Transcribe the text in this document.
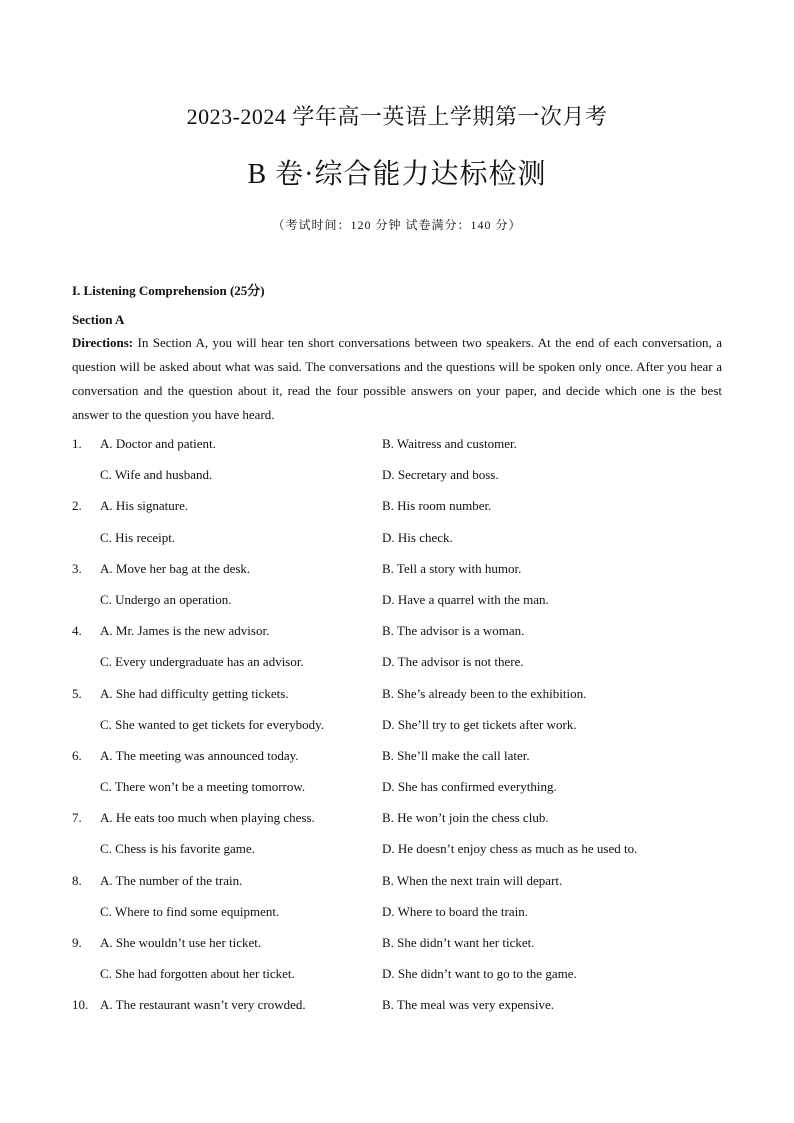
2023-2024 学年高一英语上学期第一次月考
B 卷·综合能力达标检测
（考试时间：120 分钟 试卷满分：140 分）
I. Listening Comprehension (25分)
Section A
Directions: In Section A, you will hear ten short conversations between two speakers. At the end of each conversation, a question will be asked about what was said. The conversations and the questions will be spoken only once. After you hear a conversation and the question about it, read the four possible answers on your paper, and decide which one is the best answer to the question you have heard.
1. A. Doctor and patient.	B. Waitress and customer.
C. Wife and husband.	D. Secretary and boss.
2. A. His signature.	B. His room number.
C. His receipt.	D. His check.
3. A. Move her bag at the desk.	B. Tell a story with humor.
C. Undergo an operation.	D. Have a quarrel with the man.
4. A. Mr. James is the new advisor.	B. The advisor is a woman.
C. Every undergraduate has an advisor.	D. The advisor is not there.
5. A. She had difficulty getting tickets.	B. She’s already been to the exhibition.
C. She wanted to get tickets for everybody.	D. She’ll try to get tickets after work.
6. A. The meeting was announced today.	B. She’ll make the call later.
C. There won’t be a meeting tomorrow.	D. She has confirmed everything.
7. A. He eats too much when playing chess.	B. He won’t join the chess club.
C. Chess is his favorite game.	D. He doesn’t enjoy chess as much as he used to.
8. A. The number of the train.	B. When the next train will depart.
C. Where to find some equipment.	D. Where to board the train.
9. A. She wouldn’t use her ticket.	B. She didn’t want her ticket.
C. She had forgotten about her ticket.	D. She didn’t want to go to the game.
10. A. The restaurant wasn’t very crowded.	B. The meal was very expensive.
